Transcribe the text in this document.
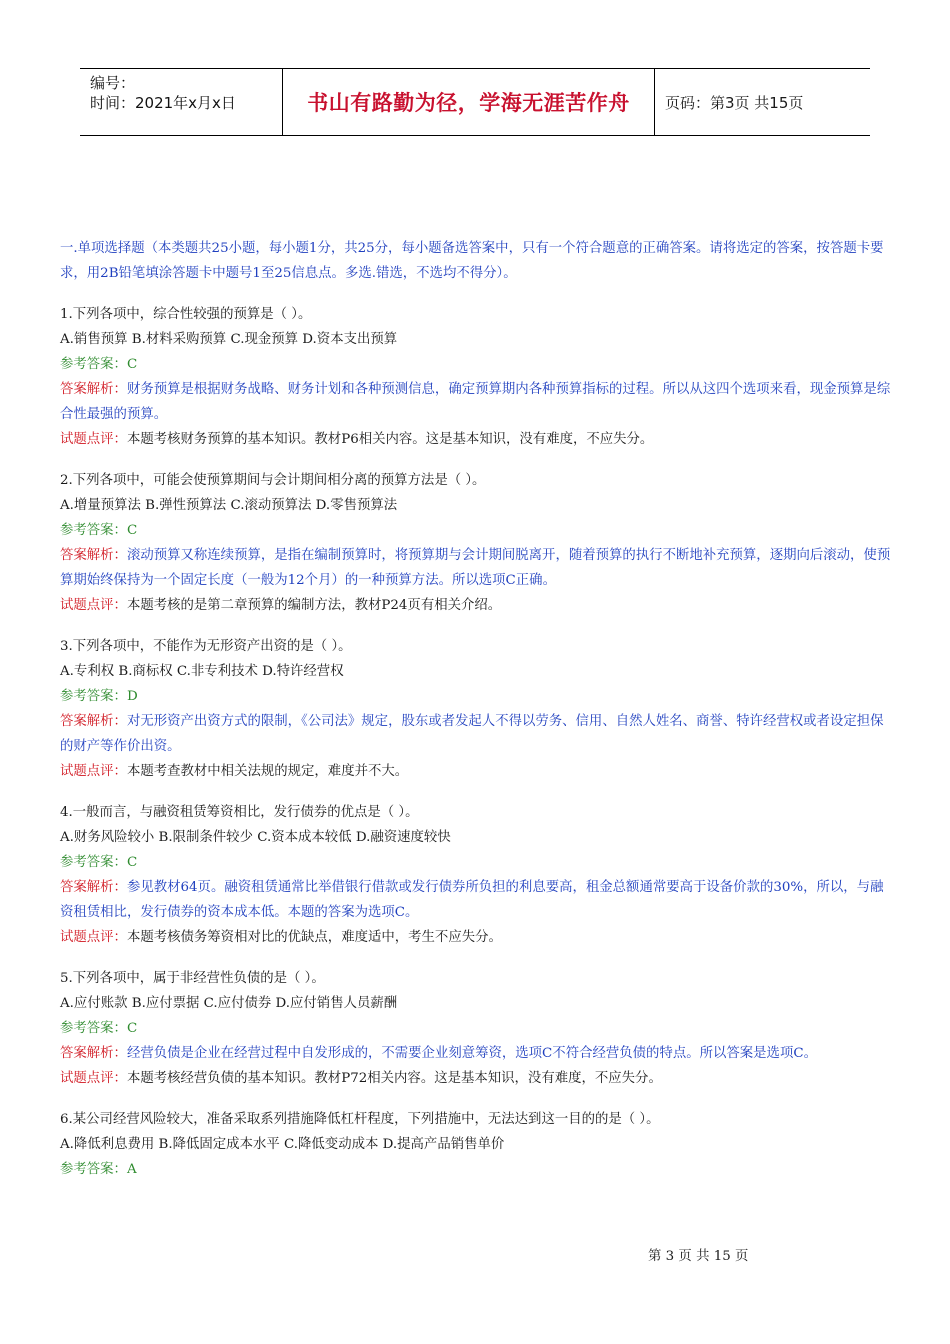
编号：
时间：2021年x月x日	书山有路勤为径，学海无涯苦作舟	页码：第3页 共15页

一.单项选择题（本类题共25小题，每小题1分，共25分，每小题备选答案中，只有一个符合题意的正确答案。请将选定的答案，按答题卡要求，用2B铅笔填涂答题卡中题号1至25信息点。多选.错选，不选均不得分）。

1.下列各项中，综合性较强的预算是（ ）。

A.销售预算 B.材料采购预算 C.现金预算 D.资本支出预算

参考答案：C

答案解析：财务预算是根据财务战略、财务计划和各种预测信息，确定预算期内各种预算指标的过程。所以从这四个选项来看，现金预算是综合性最强的预算。

试题点评：本题考核财务预算的基本知识。教材P6相关内容。这是基本知识，没有难度，不应失分。

2.下列各项中，可能会使预算期间与会计期间相分离的预算方法是（ ）。

A.增量预算法 B.弹性预算法 C.滚动预算法 D.零售预算法

参考答案：C

答案解析：滚动预算又称连续预算，是指在编制预算时，将预算期与会计期间脱离开，随着预算的执行不断地补充预算，逐期向后滚动，使预算期始终保持为一个固定长度（一般为12个月）的一种预算方法。所以选项C正确。

试题点评：本题考核的是第二章预算的编制方法，教材P24页有相关介绍。

3.下列各项中，不能作为无形资产出资的是（ ）。

A.专利权 B.商标权 C.非专利技术 D.特许经营权

参考答案：D

答案解析：对无形资产出资方式的限制，《公司法》规定，股东或者发起人不得以劳务、信用、自然人姓名、商誉、特许经营权或者设定担保的财产等作价出资。

试题点评：本题考查教材中相关法规的规定，难度并不大。

4.一般而言，与融资租赁筹资相比，发行债券的优点是（ ）。

A.财务风险较小 B.限制条件较少 C.资本成本较低 D.融资速度较快

参考答案：C

答案解析：参见教材64页。融资租赁通常比举借银行借款或发行债券所负担的利息要高，租金总额通常要高于设备价款的30%，所以，与融资租赁相比，发行债券的资本成本低。本题的答案为选项C。

试题点评：本题考核债务筹资相对比的优缺点，难度适中，考生不应失分。

5.下列各项中，属于非经营性负债的是（ ）。

A.应付账款 B.应付票据 C.应付债券 D.应付销售人员薪酬

参考答案：C

答案解析：经营负债是企业在经营过程中自发形成的，不需要企业刻意筹资，选项C不符合经营负债的特点。所以答案是选项C。

试题点评：本题考核经营负债的基本知识。教材P72相关内容。这是基本知识，没有难度，不应失分。

6.某公司经营风险较大，准备采取系列措施降低杠杆程度，下列措施中，无法达到这一目的的是（ ）。

A.降低利息费用 B.降低固定成本水平 C.降低变动成本 D.提高产品销售单价

参考答案：A

第 3 页 共 15 页
